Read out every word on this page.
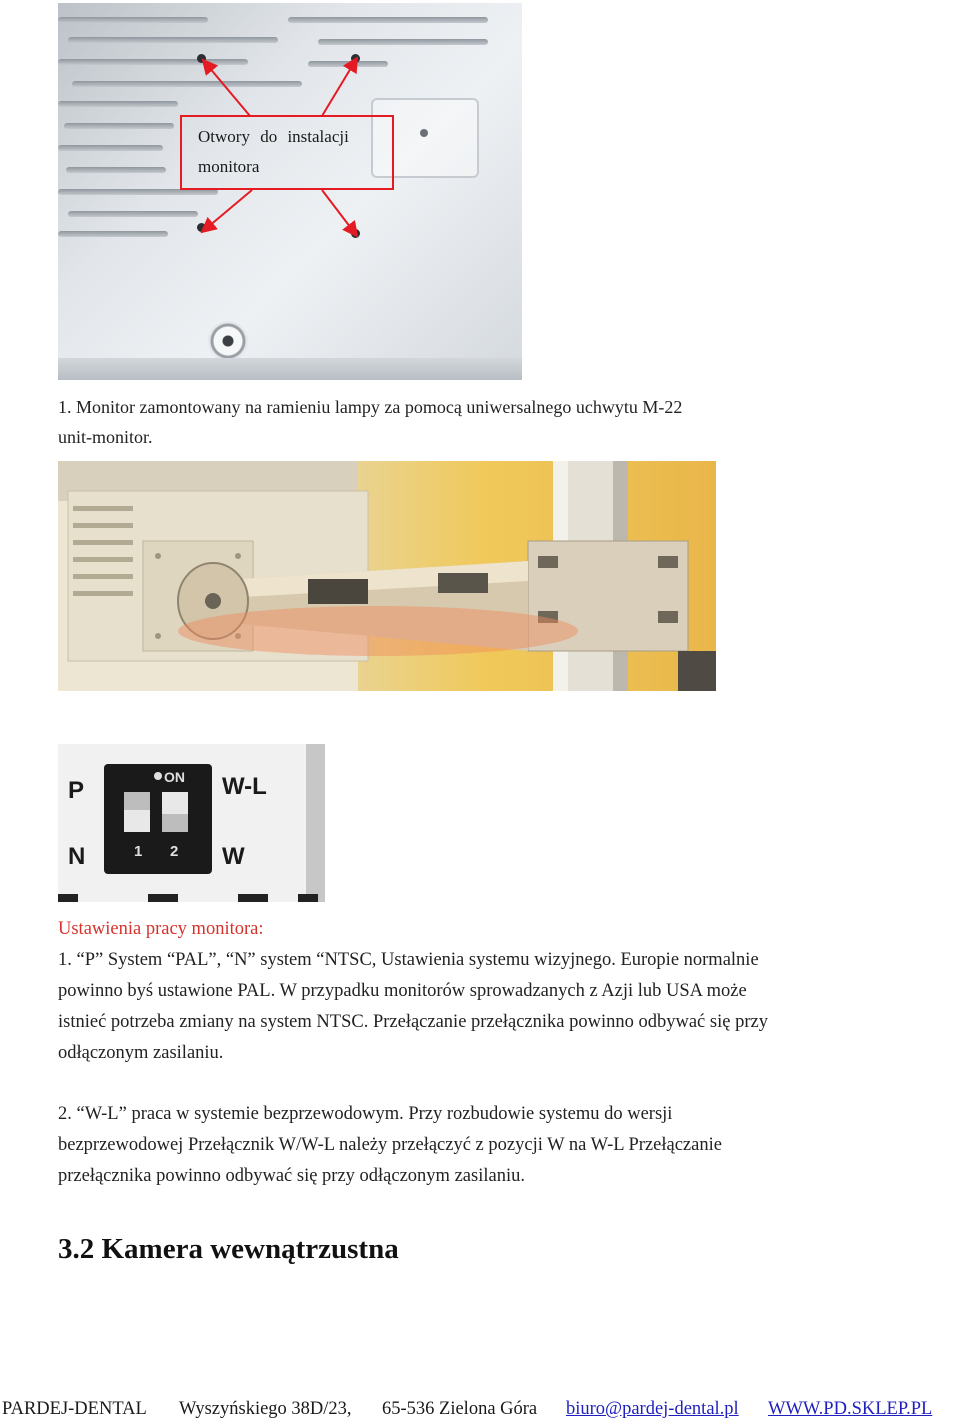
Otwory do instalacji
monitora
1. Monitor zamontowany na ramieniu lampy za pomocą uniwersalnego uchwytu M-22
unit-monitor.
P	ON W-L
N	1 2 W
Ustawienia pracy monitora:
1. “P” System “PAL”, “N” system “NTSC, Ustawienia systemu wizyjnego. Europie normalnie
powinno byś ustawione PAL. W przypadku monitorów sprowadzanych z Azji lub USA może
istnieć potrzeba zmiany na system NTSC. Przełączanie przełącznika powinno odbywać się przy
odłączonym zasilaniu.
2. “W-L” praca w systemie bezprzewodowym. Przy rozbudowie systemu do wersji
bezprzewodowej Przełącznik W/W-L należy przełączyć z pozycji W na W-L Przełączanie
przełącznika powinno odbywać się przy odłączonym zasilaniu.
3.2 Kamera wewnątrzustna
PARDEJ-DENTAL Wyszyńskiego 38D/23, 65-536 Zielona Góra biuro@pardej-dental.pl WWW.PD.SKLEP.PL
